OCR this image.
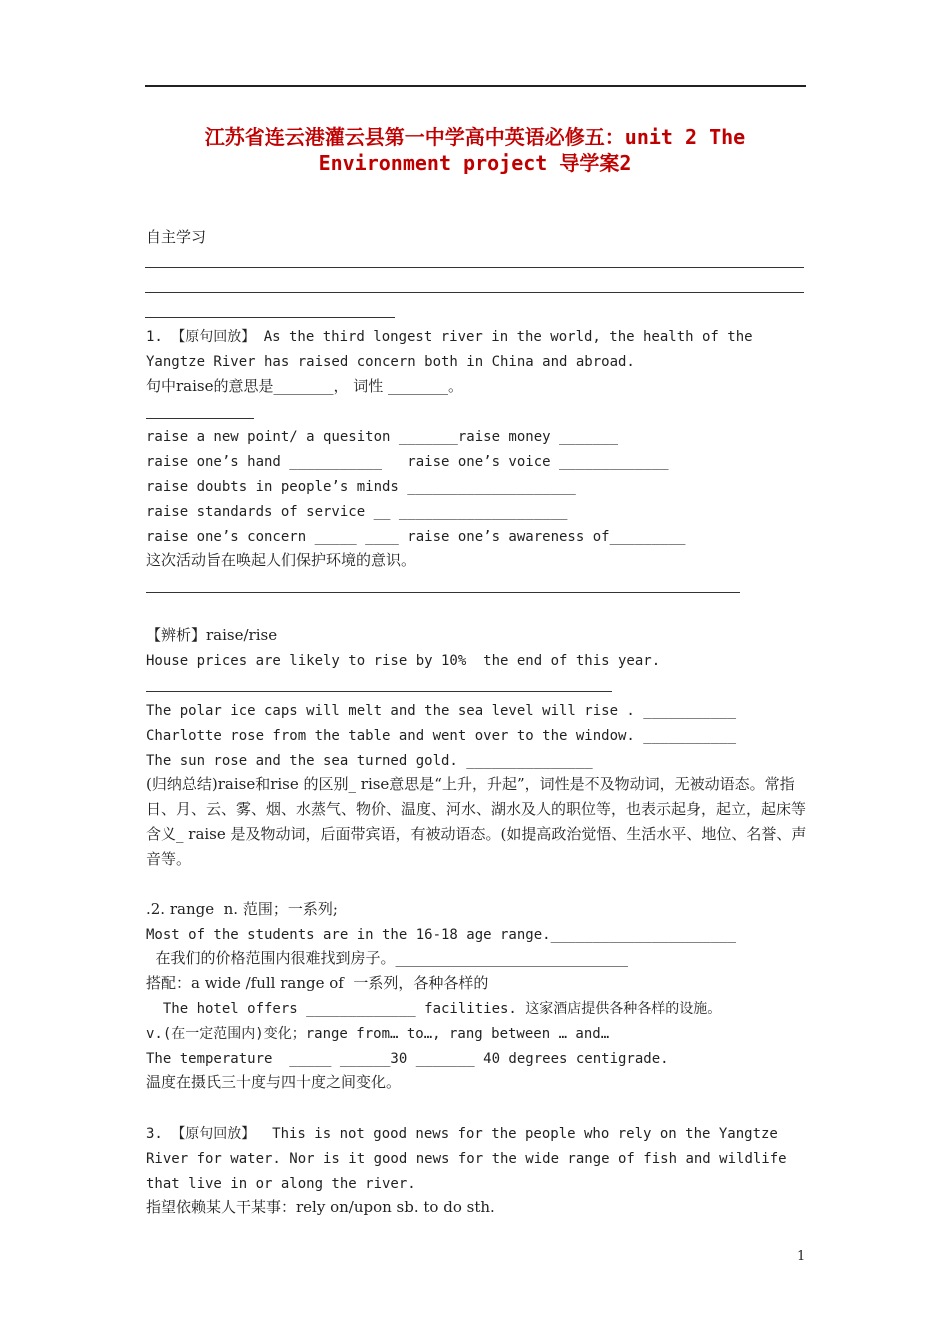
江苏省连云港灌云县第一中学高中英语必修五：unit 2 The
Environment project 导学案2
自主学习
1. 【原句回放】 As the third longest river in the world, the health of the
Yangtze River has raised concern both in China and abroad.
句中raise的意思是________， 词性 ________。
raise a new point/ a quesiton _______raise money _______
raise one’s hand ___________   raise one’s voice _____________
raise doubts in people’s minds ____________________
raise standards of service __ ____________________
raise one’s concern _____ ____ raise one’s awareness of_________
这次活动旨在唤起人们保护环境的意识。
【辨析】raise/rise
House prices are likely to rise by 10%  the end of this year.
The polar ice caps will melt and the sea level will rise . ___________
Charlotte rose from the table and went over to the window. ___________
The sun rose and the sea turned gold. _______________
(归纳总结)raise和rise 的区别_ rise意思是“上升，升起”，词性是不及物动词，无被动语态。常指日、月、云、雾、烟、水蒸气、物价、温度、河水、湖水及人的职位等，也表示起身，起立，起床等含义_ raise 是及物动词，后面带宾语，有被动语态。(如提高政治觉悟、生活水平、地位、名誉、声音等。
.2. range  n. 范围；一系列;
Most of the students are in the 16-18 age range.______________________
在我们的价格范围内很难找到房子。_______________________________
搭配：a wide /full range of  一系列，各种各样的
The hotel offers _____________ facilities. 这家酒店提供各种各样的设施。
v.(在一定范围内)变化；range from… to…, rang between … and…
The temperature  _____ ______30 _______ 40 degrees centigrade.
温度在摄氏三十度与四十度之间变化。
3. 【原句回放】  This is not good news for the people who rely on the Yangtze
River for water. Nor is it good news for the wide range of fish and wildlife
that live in or along the river.
指望依赖某人干某事：rely on/upon sb. to do sth.
1
